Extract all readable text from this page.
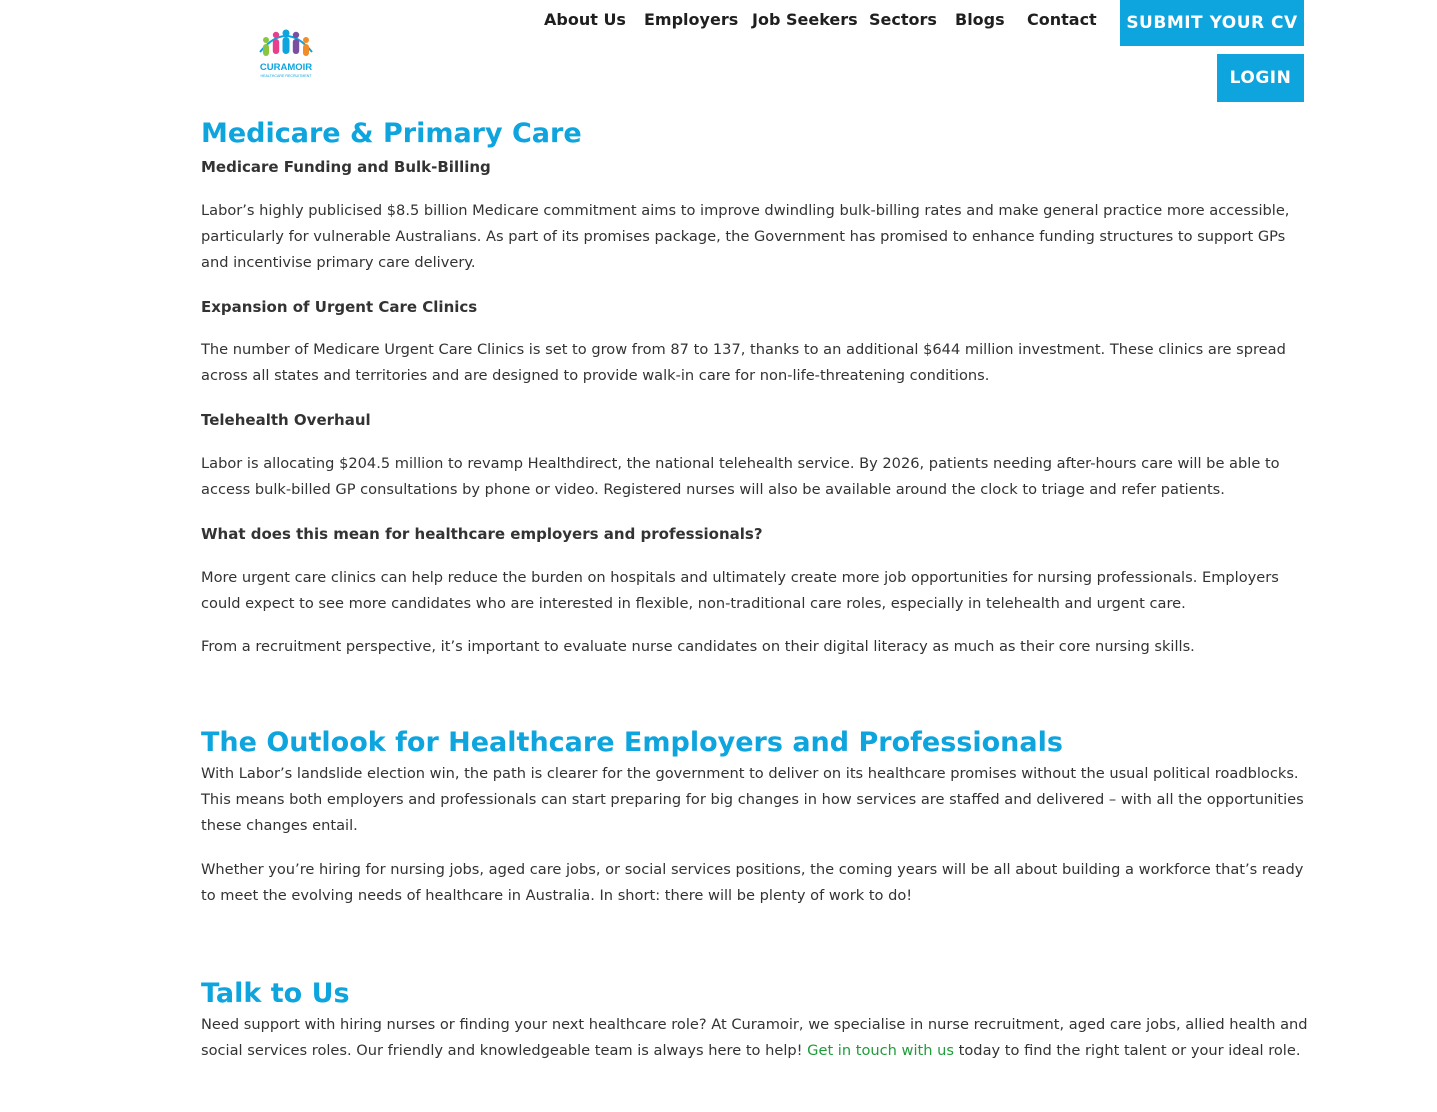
CURAMOIR
HEALTHCARE RECRUITMENT
About Us Employers Job Seekers Sectors Blogs Contact	SUBMIT YOUR CV
LOGIN
Medicare & Primary Care
Medicare Funding and Bulk-Billing

Labor’s highly publicised $8.5 billion Medicare commitment aims to improve dwindling bulk-billing rates and make general practice more accessible, particularly for vulnerable Australians. As part of its promises package, the Government has promised to enhance funding structures to support GPs and incentivise primary care delivery.

Expansion of Urgent Care Clinics

The number of Medicare Urgent Care Clinics is set to grow from 87 to 137, thanks to an additional $644 million investment. These clinics are spread across all states and territories and are designed to provide walk-in care for non-life-threatening conditions.

Telehealth Overhaul

Labor is allocating $204.5 million to revamp Healthdirect, the national telehealth service. By 2026, patients needing after-hours care will be able to access bulk-billed GP consultations by phone or video. Registered nurses will also be available around the clock to triage and refer patients.

What does this mean for healthcare employers and professionals?

More urgent care clinics can help reduce the burden on hospitals and ultimately create more job opportunities for nursing professionals. Employers could expect to see more candidates who are interested in flexible, non-traditional care roles, especially in telehealth and urgent care.

From a recruitment perspective, it’s important to evaluate nurse candidates on their digital literacy as much as their core nursing skills.

The Outlook for Healthcare Employers and Professionals

With Labor’s landslide election win, the path is clearer for the government to deliver on its healthcare promises without the usual political roadblocks. This means both employers and professionals can start preparing for big changes in how services are staffed and delivered – with all the opportunities these changes entail.

Whether you’re hiring for nursing jobs, aged care jobs, or social services positions, the coming years will be all about building a workforce that’s ready to meet the evolving needs of healthcare in Australia. In short: there will be plenty of work to do!

Talk to Us

Need support with hiring nurses or finding your next healthcare role? At Curamoir, we specialise in nurse recruitment, aged care jobs, allied health and social services roles. Our friendly and knowledgeable team is always here to help! Get in touch with us today to find the right talent or your ideal role.
